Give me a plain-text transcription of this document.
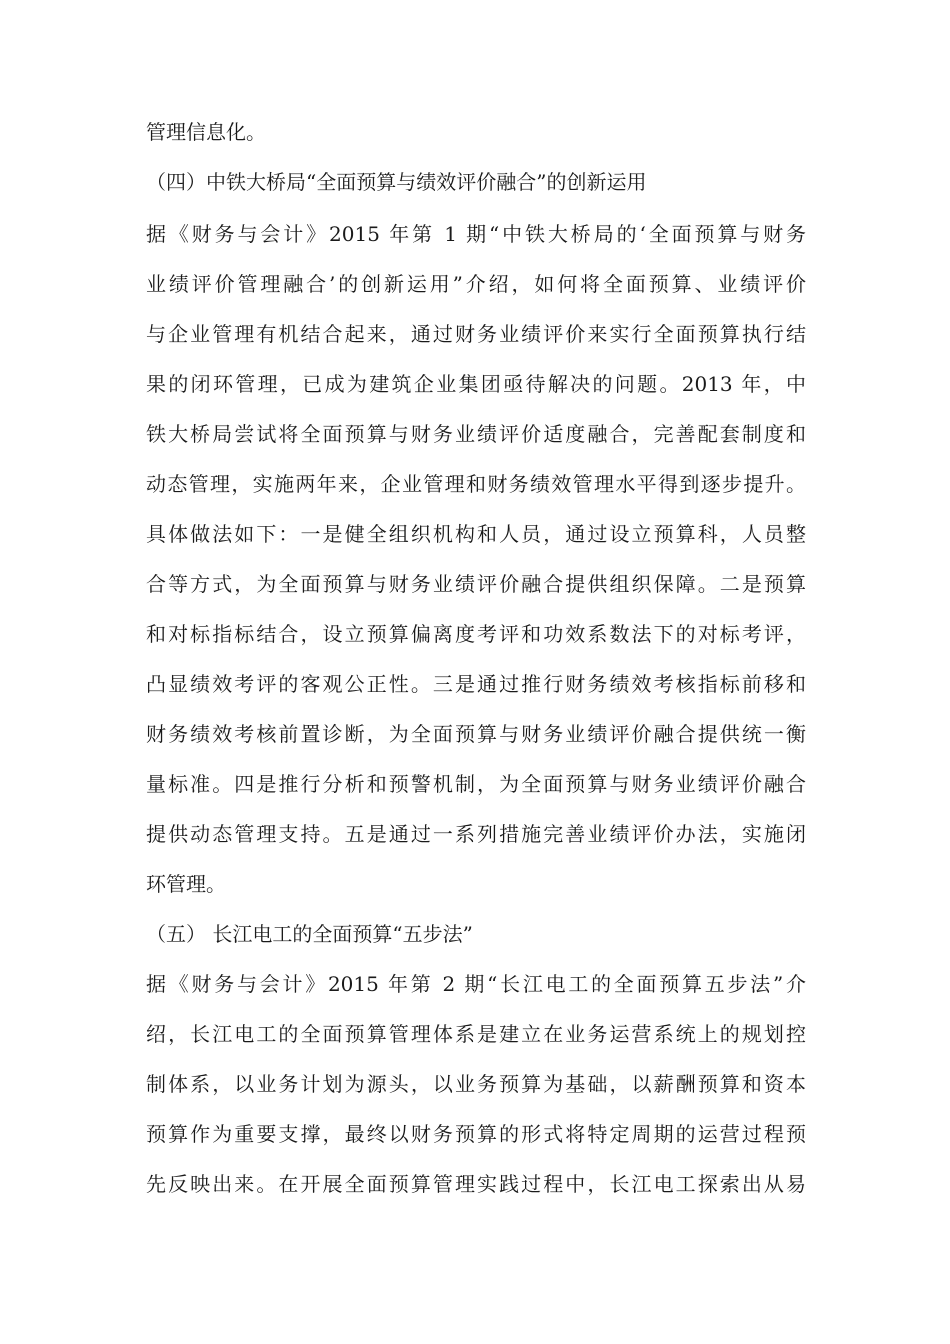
管理信息化。
（四）中铁大桥局“全面预算与绩效评价融合”的创新运用
据《财务与会计》2015 年第 1 期“中铁大桥局的‘全面预算与财务
业绩评价管理融合’的创新运用”介绍，如何将全面预算、业绩评价
与企业管理有机结合起来，通过财务业绩评价来实行全面预算执行结
果的闭环管理，已成为建筑企业集团亟待解决的问题。2013 年，中
铁大桥局尝试将全面预算与财务业绩评价适度融合，完善配套制度和
动态管理，实施两年来，企业管理和财务绩效管理水平得到逐步提升。
具体做法如下：一是健全组织机构和人员，通过设立预算科，人员整
合等方式，为全面预算与财务业绩评价融合提供组织保障。二是预算
和对标指标结合，设立预算偏离度考评和功效系数法下的对标考评，
凸显绩效考评的客观公正性。三是通过推行财务绩效考核指标前移和
财务绩效考核前置诊断，为全面预算与财务业绩评价融合提供统一衡
量标准。四是推行分析和预警机制，为全面预算与财务业绩评价融合
提供动态管理支持。五是通过一系列措施完善业绩评价办法，实施闭
环管理。
（五） 长江电工的全面预算“五步法”
据《财务与会计》2015 年第 2 期“长江电工的全面预算五步法”介
绍，长江电工的全面预算管理体系是建立在业务运营系统上的规划控
制体系，以业务计划为源头，以业务预算为基础，以薪酬预算和资本
预算作为重要支撑，最终以财务预算的形式将特定周期的运营过程预
先反映出来。在开展全面预算管理实践过程中，长江电工探索出从易
